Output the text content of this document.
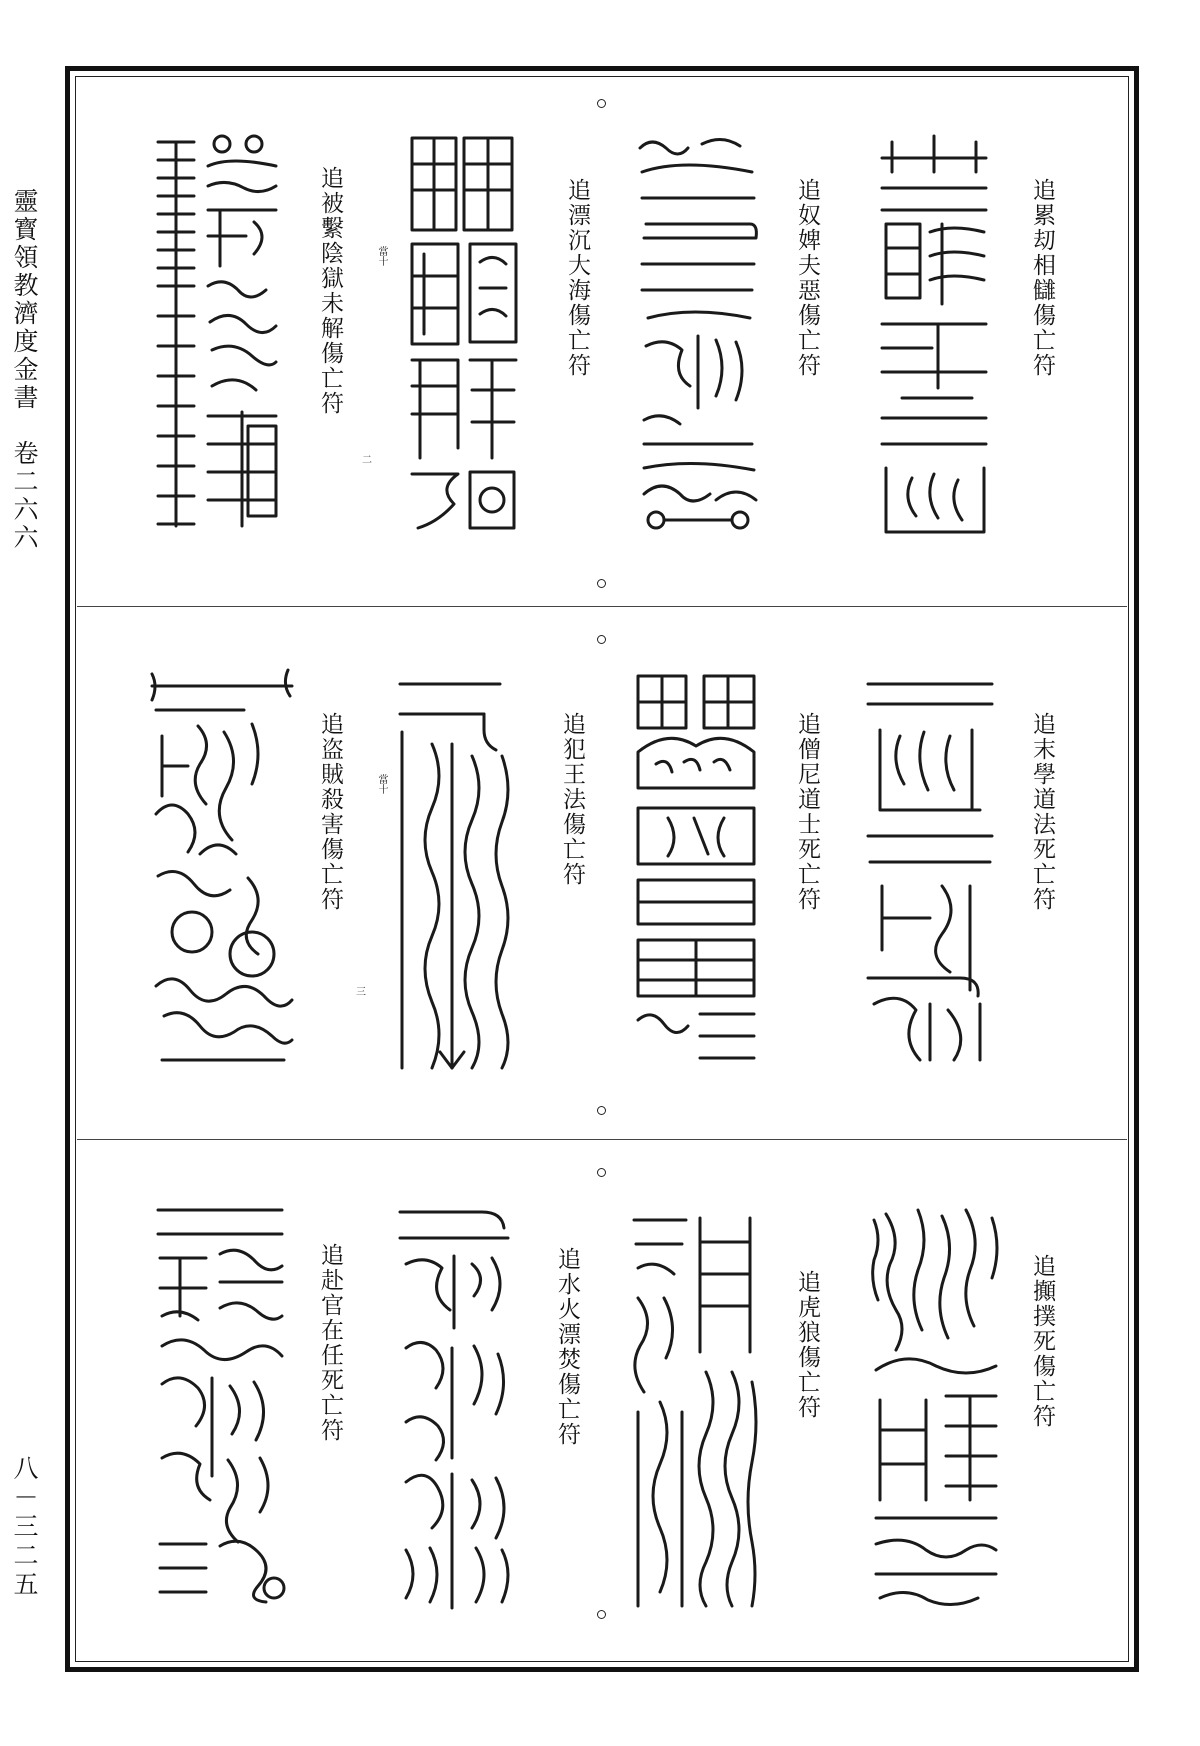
靈寳領教濟度金書　卷二六六
八－三二五
追累刧相讎傷亡符
追奴婢夫惡傷亡符
追漂沉大海傷亡符
追被繫陰獄未解傷亡符	當十
二
追末學道法死亡符
追僧尼道士死亡符
追犯王法傷亡符
追盗賊殺害傷亡符	當十
三
追攧撲死傷亡符
追虎狼傷亡符
追水火漂焚傷亡符
追赴官在任死亡符
